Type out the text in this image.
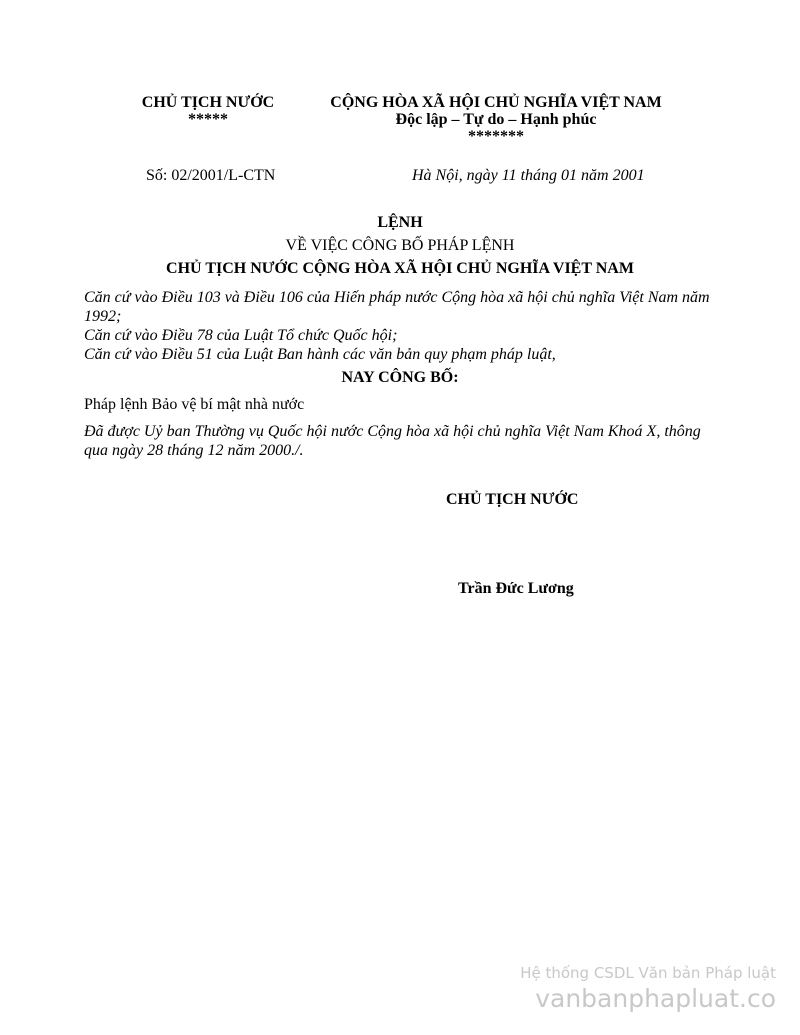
CHỦ TỊCH NƯỚC
*****
CỘNG HÒA XÃ HỘI CHỦ NGHĨA VIỆT NAM
Độc lập – Tự do – Hạnh phúc
*******
Số: 02/2001/L-CTN	Hà Nội, ngày 11 tháng 01 năm 2001
LỆNH
VỀ VIỆC CÔNG BỐ PHÁP LỆNH
CHỦ TỊCH NƯỚC CỘNG HÒA XÃ HỘI CHỦ NGHĨA VIỆT NAM
Căn cứ vào Điều 103 và Điều 106 của Hiến pháp nước Cộng hòa xã hội chủ nghĩa Việt Nam năm 1992;
Căn cứ vào Điều 78 của Luật Tổ chức Quốc hội;
Căn cứ vào Điều 51 của Luật Ban hành các văn bản quy phạm pháp luật,
NAY CÔNG BỐ:
Pháp lệnh Bảo vệ bí mật nhà nước
Đã được Uỷ ban Thường vụ Quốc hội nước Cộng hòa xã hội chủ nghĩa Việt Nam Khoá X, thông qua ngày 28 tháng 12 năm 2000./.
CHỦ TỊCH NƯỚC
Trần Đức Lương
Hệ thống CSDL Văn bản Pháp luật
vanbanphapluat.co
